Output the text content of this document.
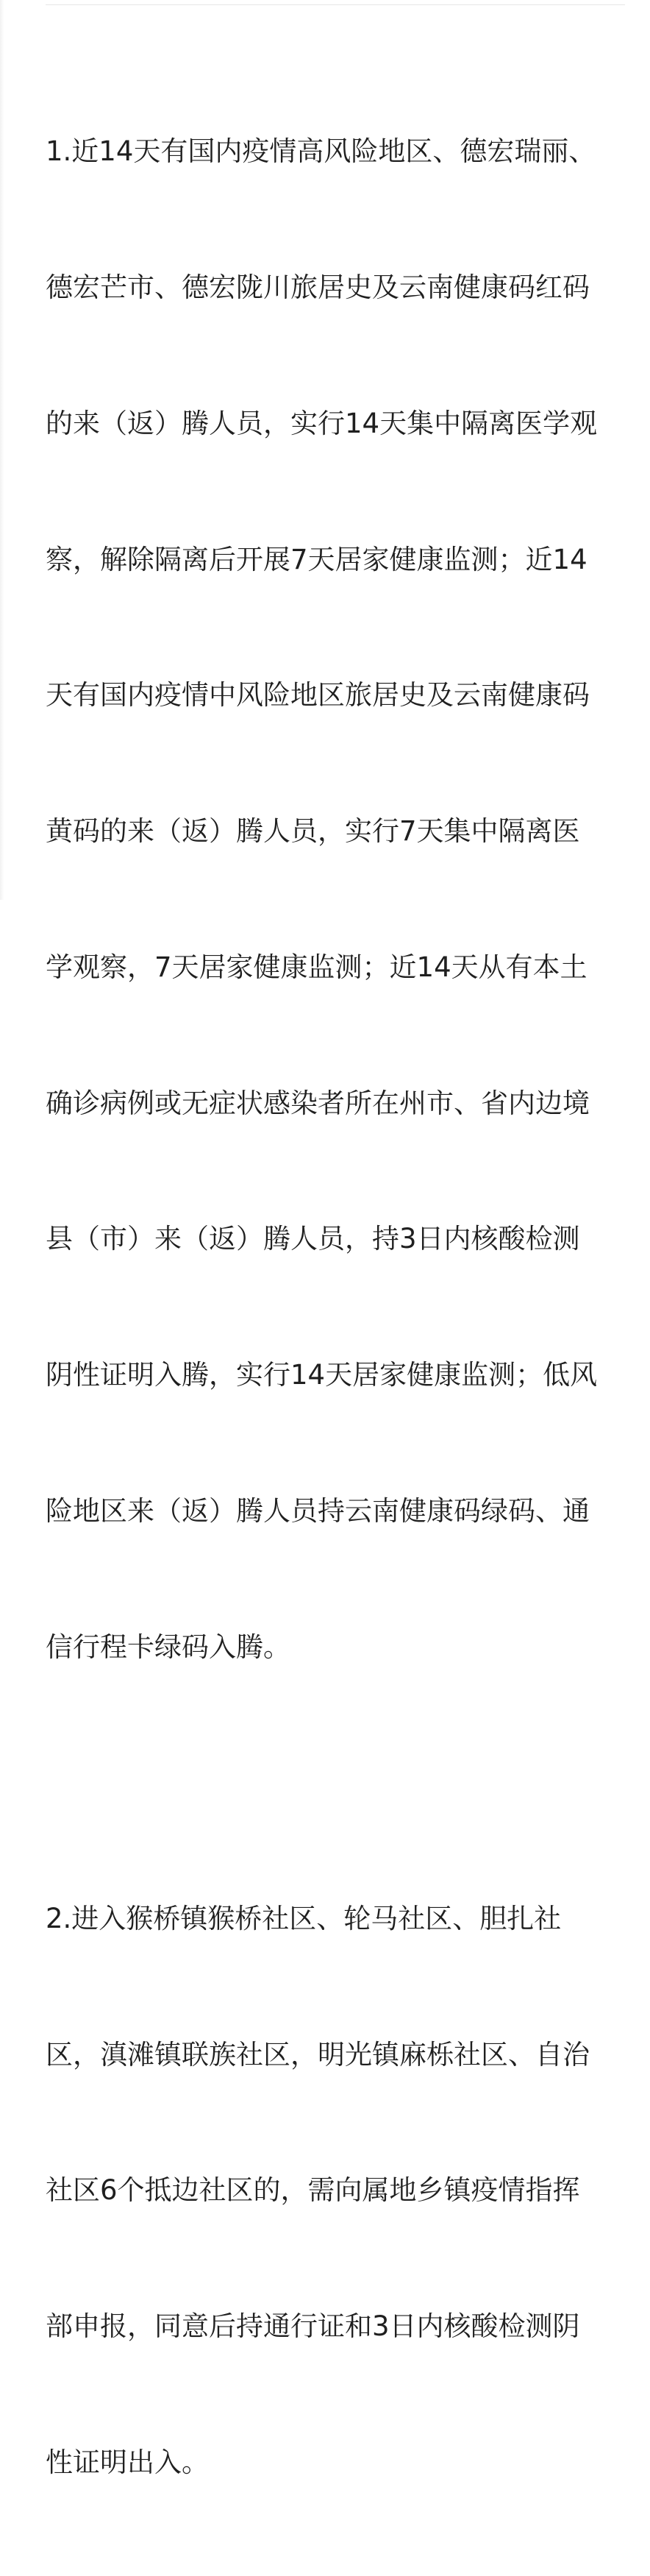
1.近14天有国内疫情高风险地区、德宏瑞丽、

德宏芒市、德宏陇川旅居史及云南健康码红码

的来（返）腾人员，实行14天集中隔离医学观

察，解除隔离后开展7天居家健康监测；近14

天有国内疫情中风险地区旅居史及云南健康码

黄码的来（返）腾人员，实行7天集中隔离医

学观察，7天居家健康监测；近14天从有本土

确诊病例或无症状感染者所在州市、省内边境

县（市）来（返）腾人员，持3日内核酸检测

阴性证明入腾，实行14天居家健康监测；低风

险地区来（返）腾人员持云南健康码绿码、通

信行程卡绿码入腾。

2.进入猴桥镇猴桥社区、轮马社区、胆扎社

区，滇滩镇联族社区，明光镇麻栎社区、自治

社区6个抵边社区的，需向属地乡镇疫情指挥

部申报，同意后持通行证和3日内核酸检测阴

性证明出入。
